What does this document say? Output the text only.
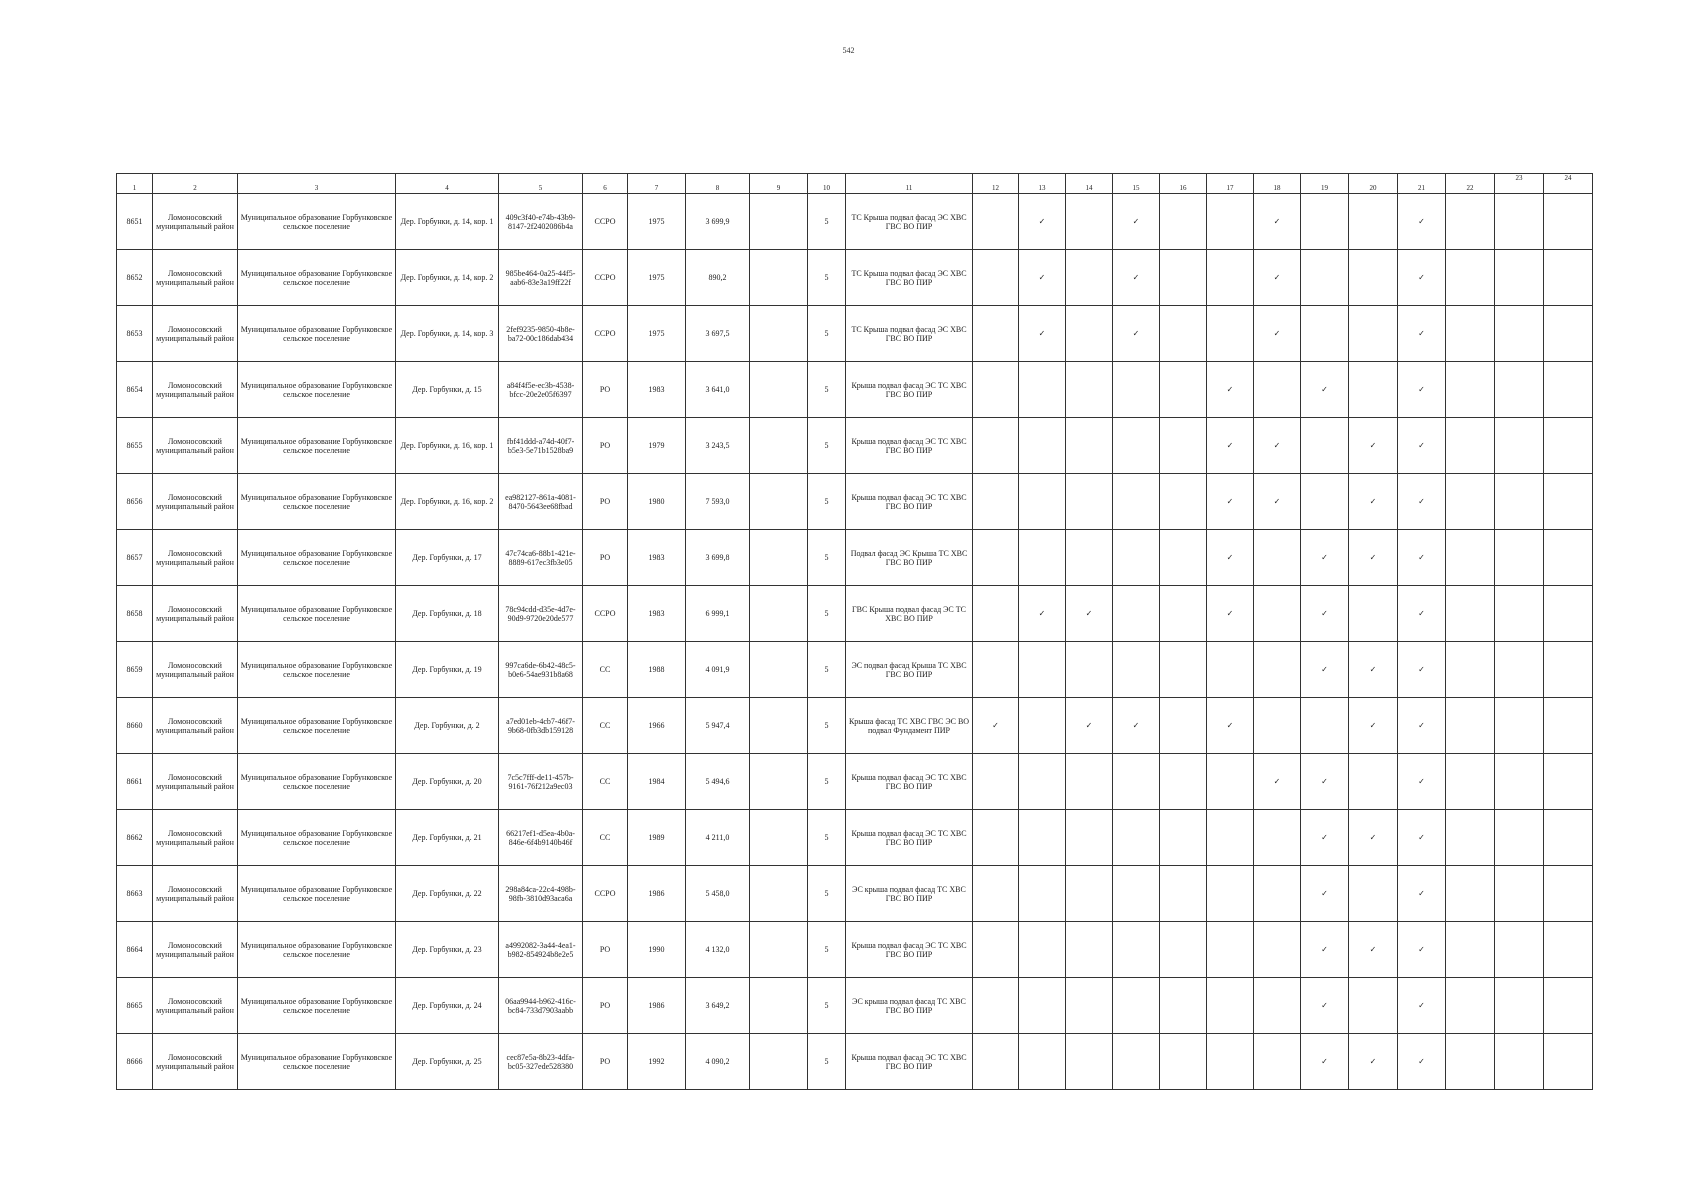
542
1	2	3	4	5	6	7	8	9	10	11	12	13	14	15	16	17	18	19	20	21	22	23	24
8651	Ломоносовский муниципальный район	Муниципальное образование Горбунковское сельское поселение	Дер. Горбунки, д. 14, кор. 1	409c3f40-e74b-43b9-8147-2f2402086b4a	ССРО	1975	3 699,9		5	ТС Крыша подвал фасад ЭС ХВС ГВС ВО ПИР		✓		✓			✓			✓			
8652	Ломоносовский муниципальный район	Муниципальное образование Горбунковское сельское поселение	Дер. Горбунки, д. 14, кор. 2	985be464-0a25-44f5-aab6-83e3a19ff22f	ССРО	1975	890,2		5	ТС Крыша подвал фасад ЭС ХВС ГВС ВО ПИР		✓		✓			✓			✓			
8653	Ломоносовский муниципальный район	Муниципальное образование Горбунковское сельское поселение	Дер. Горбунки, д. 14, кор. 3	2fef9235-9850-4b8e-ba72-00c186dab434	ССРО	1975	3 697,5		5	ТС Крыша подвал фасад ЭС ХВС ГВС ВО ПИР		✓		✓			✓			✓			
8654	Ломоносовский муниципальный район	Муниципальное образование Горбунковское сельское поселение	Дер. Горбунки, д. 15	a84f4f5e-ec3b-4538-bfcc-20e2e05f6397	РО	1983	3 641,0		5	Крыша подвал фасад ЭС ТС ХВС ГВС ВО ПИР						✓		✓		✓			
8655	Ломоносовский муниципальный район	Муниципальное образование Горбунковское сельское поселение	Дер. Горбунки, д. 16, кор. 1	fbf41ddd-a74d-40f7-b5e3-5e71b1528ba9	РО	1979	3 243,5		5	Крыша подвал фасад ЭС ТС ХВС ГВС ВО ПИР						✓	✓		✓	✓			
8656	Ломоносовский муниципальный район	Муниципальное образование Горбунковское сельское поселение	Дер. Горбунки, д. 16, кор. 2	ea982127-861a-4081-8470-5643ee68fbad	РО	1980	7 593,0		5	Крыша подвал фасад ЭС ТС ХВС ГВС ВО ПИР						✓	✓		✓	✓			
8657	Ломоносовский муниципальный район	Муниципальное образование Горбунковское сельское поселение	Дер. Горбунки, д. 17	47c74ca6-88b1-421e-8889-617ec3fb3e05	РО	1983	3 699,8		5	Подвал фасад ЭС Крыша ТС ХВС ГВС ВО ПИР						✓		✓	✓	✓			
8658	Ломоносовский муниципальный район	Муниципальное образование Горбунковское сельское поселение	Дер. Горбунки, д. 18	78c94cdd-d35e-4d7e-90d9-9720e20de577	ССРО	1983	6 999,1		5	ГВС Крыша подвал фасад ЭС ТС ХВС ВО ПИР		✓	✓			✓		✓		✓			
8659	Ломоносовский муниципальный район	Муниципальное образование Горбунковское сельское поселение	Дер. Горбунки, д. 19	997ca6de-6b42-48c5-b0e6-54ae931b8a68	СС	1988	4 091,9		5	ЭС подвал фасад Крыша ТС ХВС ГВС ВО ПИР								✓	✓	✓			
8660	Ломоносовский муниципальный район	Муниципальное образование Горбунковское сельское поселение	Дер. Горбунки, д. 2	a7ed01eb-4cb7-46f7-9b68-0fb3db159128	СС	1966	5 947,4		5	Крыша фасад ТС ХВС ГВС ЭС ВО подвал Фундамент ПИР	✓		✓	✓		✓			✓	✓			
8661	Ломоносовский муниципальный район	Муниципальное образование Горбунковское сельское поселение	Дер. Горбунки, д. 20	7c5c7fff-de11-457b-9161-76f212a9ec03	СС	1984	5 494,6		5	Крыша подвал фасад ЭС ТС ХВС ГВС ВО ПИР							✓	✓		✓			
8662	Ломоносовский муниципальный район	Муниципальное образование Горбунковское сельское поселение	Дер. Горбунки, д. 21	66217ef1-d5ea-4b0a-846e-6f4b9140b46f	СС	1989	4 211,0		5	Крыша подвал фасад ЭС ТС ХВС ГВС ВО ПИР								✓	✓	✓			
8663	Ломоносовский муниципальный район	Муниципальное образование Горбунковское сельское поселение	Дер. Горбунки, д. 22	298a84ca-22c4-498b-98fb-3810d93aca6a	ССРО	1986	5 458,0		5	ЭС крыша подвал фасад ТС ХВС ГВС ВО ПИР								✓		✓			
8664	Ломоносовский муниципальный район	Муниципальное образование Горбунковское сельское поселение	Дер. Горбунки, д. 23	a4992082-3a44-4ea1-b982-854924b8e2e5	РО	1990	4 132,0		5	Крыша подвал фасад ЭС ТС ХВС ГВС ВО ПИР								✓	✓	✓			
8665	Ломоносовский муниципальный район	Муниципальное образование Горбунковское сельское поселение	Дер. Горбунки, д. 24	06aa9944-b962-416c-bc84-733d7903aabb	РО	1986	3 649,2		5	ЭС крыша подвал фасад ТС ХВС ГВС ВО ПИР								✓		✓			
8666	Ломоносовский муниципальный район	Муниципальное образование Горбунковское сельское поселение	Дер. Горбунки, д. 25	cec87e5a-8b23-4dfa-bc05-327ede528380	РО	1992	4 090,2		5	Крыша подвал фасад ЭС ТС ХВС ГВС ВО ПИР								✓	✓	✓			
